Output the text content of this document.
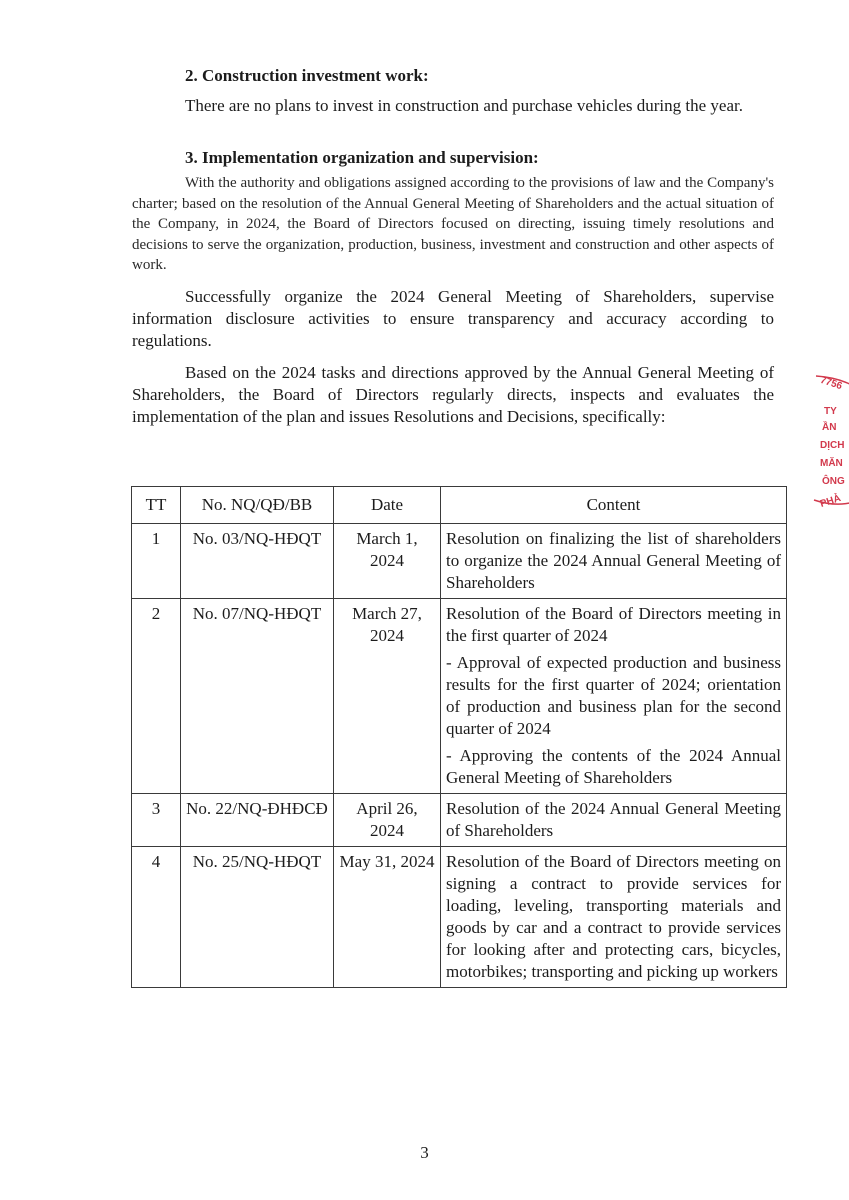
2. Construction investment work:

There are no plans to invest in construction and purchase vehicles during the year.

3. Implementation organization and supervision:

With the authority and obligations assigned according to the provisions of law and the Company's charter; based on the resolution of the Annual General Meeting of Shareholders and the actual situation of the Company, in 2024, the Board of Directors focused on directing, issuing timely resolutions and decisions to serve the organization, production, business, investment and construction and other aspects of work.

Successfully organize the 2024 General Meeting of Shareholders, supervise information disclosure activities to ensure transparency and accuracy according to regulations.

Based on the 2024 tasks and directions approved by the Annual General Meeting of Shareholders, the Board of Directors regularly directs, inspects and evaluates the implementation of the plan and issues Resolutions and Decisions, specifically:

TT	No. NQ/QĐ/BB	Date	Content
1	No. 03/NQ-HĐQT	March 1, 2024	Resolution on finalizing the list of shareholders to organize the 2024 Annual General Meeting of Shareholders

2	No. 07/NQ-HĐQT	March 27, 2024	Resolution of the Board of Directors meeting in the first quarter of 2024
- Approval of expected production and business results for the first quarter of 2024; orientation of production and business plan for the second quarter of 2024
- Approving the contents of the 2024 Annual General Meeting of Shareholders

3	No. 22/NQ-ĐHĐCĐ	April 26, 2024	Resolution of the 2024 Annual General Meeting of Shareholders

4	No. 25/NQ-HĐQT	May 31, 2024	Resolution of the Board of Directors meeting on signing a contract to provide services for loading, leveling, transporting materials and goods by car and a contract to provide services for looking after and protecting cars, bicycles, motorbikes; transporting and picking up workers
3
7756
TY
ẦN
DỊCH
MĂN
ÔNG
PHẢ
